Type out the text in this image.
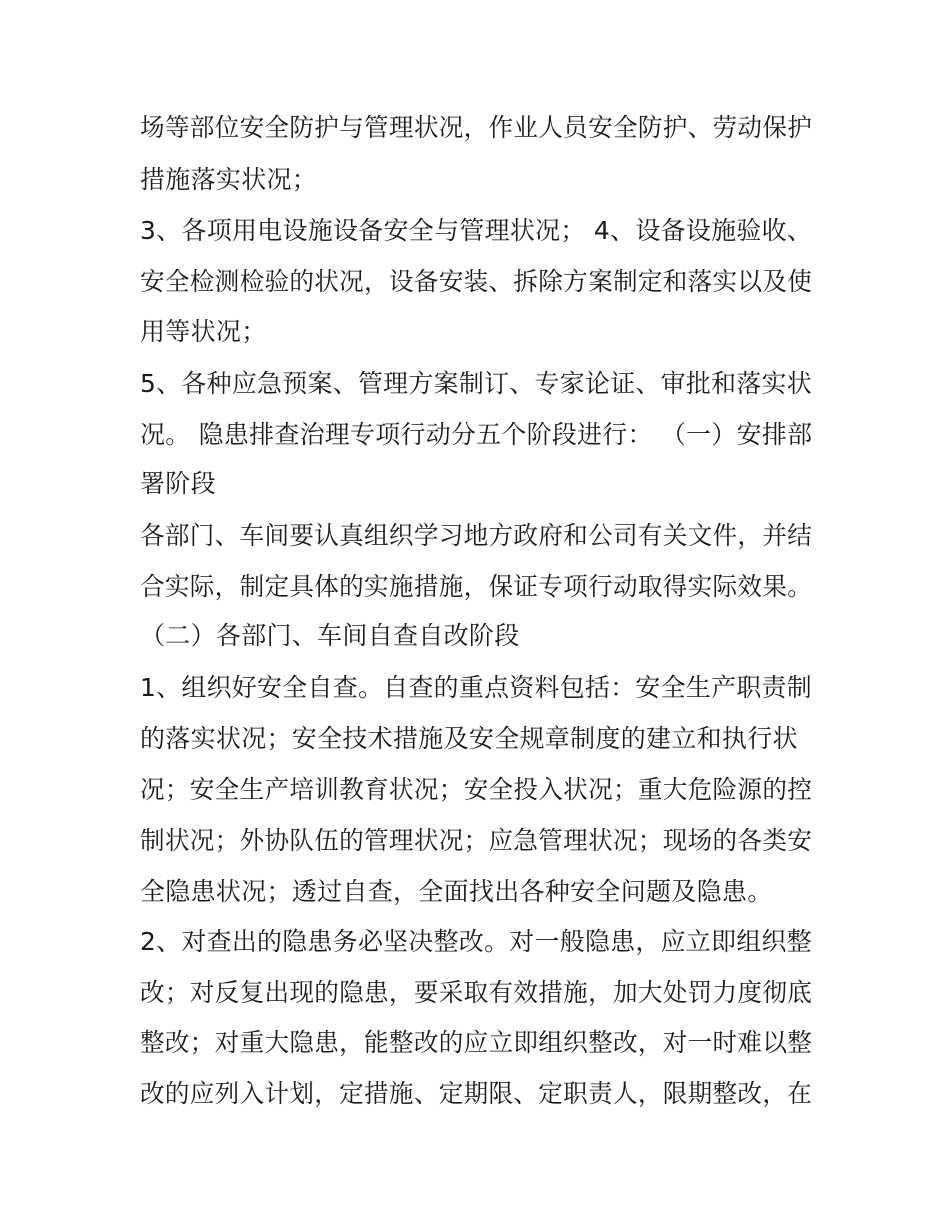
场等部位安全防护与管理状况，作业人员安全防护、劳动保护
措施落实状况；
3、各项用电设施设备安全与管理状况； 4、设备设施验收、
安全检测检验的状况，设备安装、拆除方案制定和落实以及使
用等状况；
5、各种应急预案、管理方案制订、专家论证、审批和落实状
况。 隐患排查治理专项行动分五个阶段进行： （一）安排部
署阶段
各部门、车间要认真组织学习地方政府和公司有关文件，并结
合实际，制定具体的实施措施，保证专项行动取得实际效果。
（二）各部门、车间自查自改阶段
1、组织好安全自查。自查的重点资料包括：安全生产职责制
的落实状况；安全技术措施及安全规章制度的建立和执行状
况；安全生产培训教育状况；安全投入状况；重大危险源的控
制状况；外协队伍的管理状况；应急管理状况；现场的各类安
全隐患状况；透过自查，全面找出各种安全问题及隐患。
2、对查出的隐患务必坚决整改。对一般隐患，应立即组织整
改；对反复出现的隐患，要采取有效措施，加大处罚力度彻底
整改；对重大隐患，能整改的应立即组织整改，对一时难以整
改的应列入计划，定措施、定期限、定职责人，限期整改，在
